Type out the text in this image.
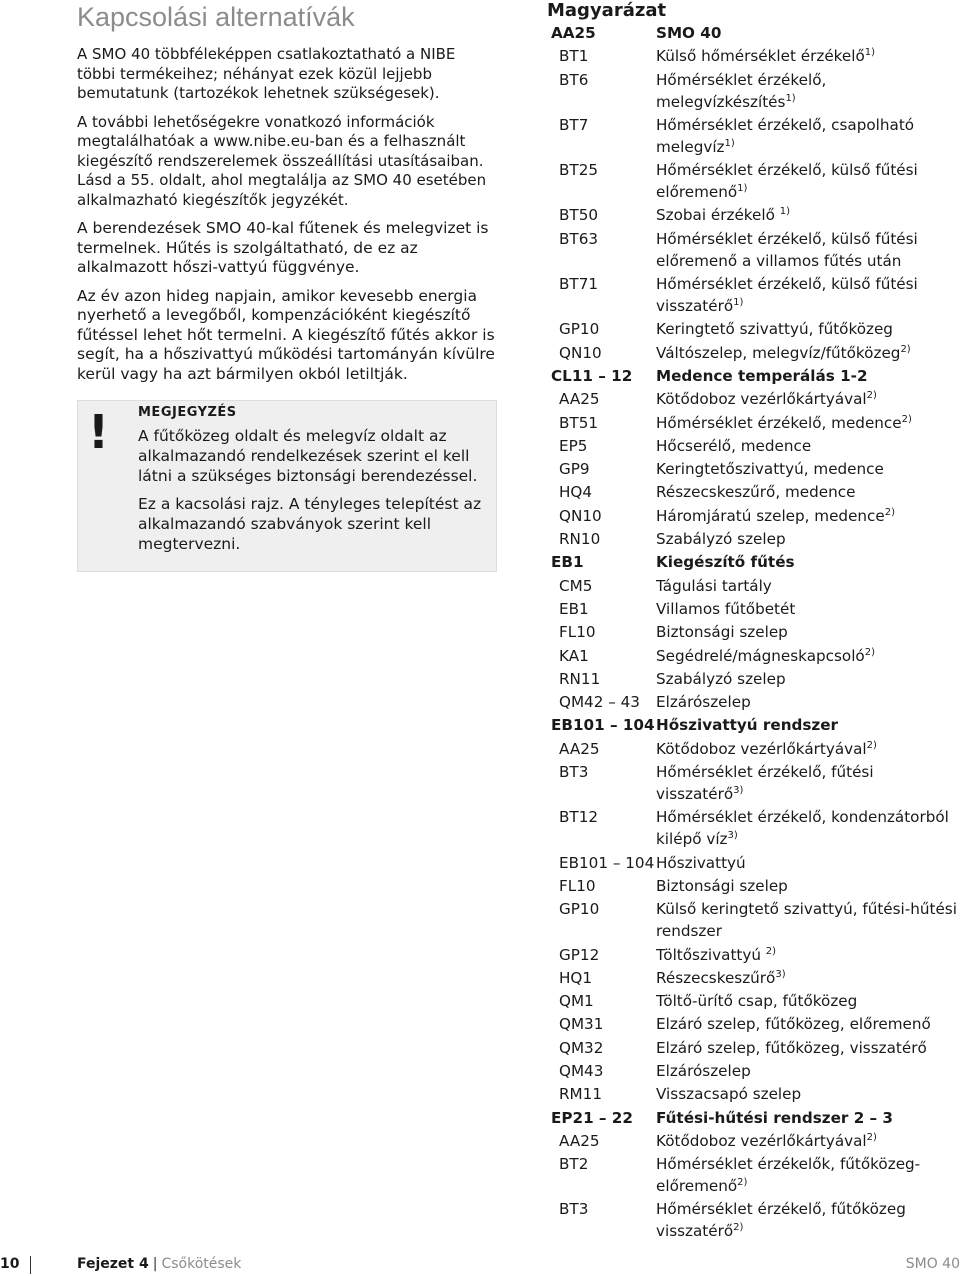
Kapcsolási alternatívák

A SMO 40 többféleképpen csatlakoztatható a NIBE többi termékeihez; néhányat ezek közül lejjebb bemutatunk (tartozékok lehetnek szükségesek).

A további lehetőségekre vonatkozó információk megtalálhatóak a www.nibe.eu-ban és a felhasznált kiegészítő rendszerelemek összeállítási utasításaiban. Lásd a 55. oldalt, ahol megtalálja az SMO 40 esetében alkalmazható kiegészítők jegyzékét.

A berendezések SMO 40-kal fűtenek és melegvizet is termelnek. Hűtés is szolgáltatható, de ez az alkalmazott hőszi-vattyú függvénye.

Az év azon hideg napjain, amikor kevesebb energia nyerhető a levegőből, kompenzációként kiegészítő fűtéssel lehet hőt termelni. A kiegészítő fűtés akkor is segít, ha a hőszivattyú működési tartományán kívülre kerül vagy ha azt bármilyen okból letiltják.

! MEGJEGYZÉS

A fűtőközeg oldalt és melegvíz oldalt az alkalmazandó rendelkezések szerint el kell látni a szükséges biztonsági berendezéssel.

Ez a kacsolási rajz. A tényleges telepítést az alkalmazandó szabványok szerint kell megtervezni.

Magyarázat
AA25	SMO 40
BT1	Külső hőmérséklet érzékelő$^{1)}$
BT6	Hőmérséklet érzékelő, melegvízkészítés$^{1)}$
BT7	Hőmérséklet érzékelő, csapolható melegvíz$^{1)}$
BT25	Hőmérséklet érzékelő, külső fűtési előremenő$^{1)}$
BT50	Szobai érzékelő $^{1)}$
BT63	Hőmérséklet érzékelő, külső fűtési előremenő a villamos fűtés után
BT71	Hőmérséklet érzékelő, külső fűtési visszatérő$^{1)}$
GP10	Keringtető szivattyú, fűtőközeg
QN10	Váltószelep, melegvíz/fűtőközeg$^{2)}$
CL11 – 12	Medence temperálás 1-2
AA25	Kötődoboz vezérlőkártyával$^{2)}$
BT51	Hőmérséklet érzékelő, medence$^{2)}$
EP5	Hőcserélő, medence
GP9	Keringtetőszivattyú, medence
HQ4	Részecskeszűrő, medence
QN10	Háromjáratú szelep, medence$^{2)}$
RN10	Szabályzó szelep
EB1	Kiegészítő fűtés
CM5	Tágulási tartály
EB1	Villamos fűtőbetét
FL10	Biztonsági szelep
KA1	Segédrelé/mágneskapcsoló$^{2)}$
RN11	Szabályzó szelep
QM42 – 43	Elzárószelep
EB101 – 104 Hőszivattyú rendszer
AA25	Kötődoboz vezérlőkártyával$^{2)}$
BT3	Hőmérséklet érzékelő, fűtési visszatérő$^{3)}$
BT12	Hőmérséklet érzékelő, kondenzátorból kilépő víz$^{3)}$
EB101 – 104 Hőszivattyú
FL10	Biztonsági szelep
GP10	Külső keringtető szivattyú, fűtési-hűtési rendszer
GP12	Töltőszivattyú $^{2)}$
HQ1	Részecskeszűrő$^{3)}$
QM1	Töltő-ürítő csap, fűtőközeg
QM31	Elzáró szelep, fűtőközeg, előremenő
QM32	Elzáró szelep, fűtőközeg, visszatérő
QM43	Elzárószelep
RM11	Visszacsapó szelep
EP21 – 22	Fűtési-hűtési rendszer 2 – 3
AA25	Kötődoboz vezérlőkártyával$^{2)}$
BT2	Hőmérséklet érzékelők, fűtőközeg-előremenő$^{2)}$
BT3	Hőmérséklet érzékelő, fűtőközeg visszatérő$^{2)}$
10	Fejezet 4 | Csőkötések	SMO 40
